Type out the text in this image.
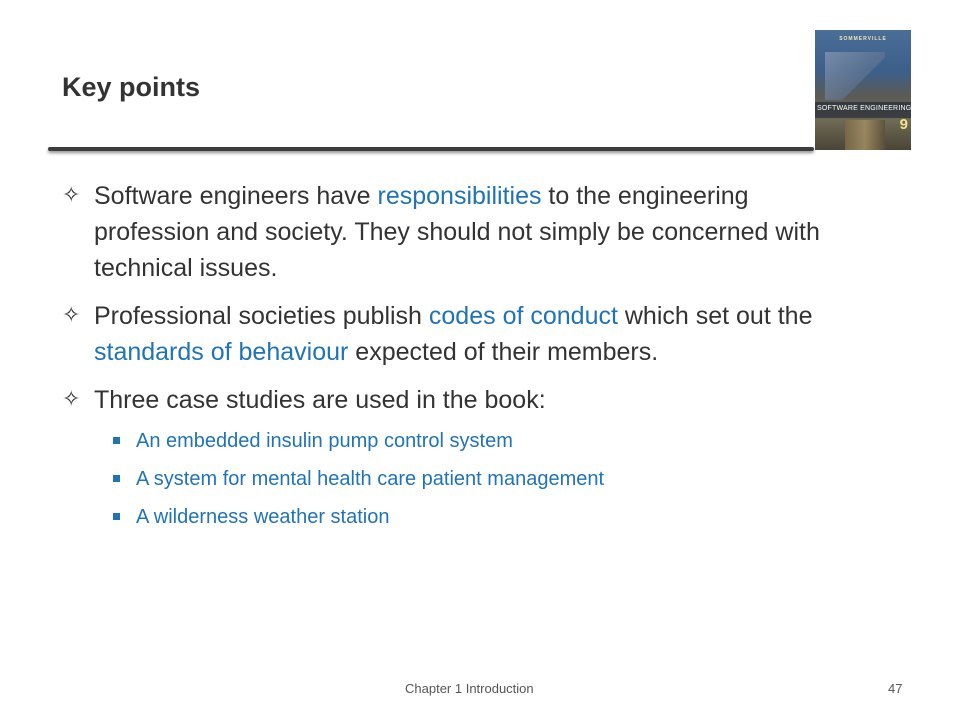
Key points
SOMMERVILLE
SOFTWARE ENGINEERING
9
✧ Software engineers have responsibilities to the engineering profession and society. They should not simply be concerned with technical issues.
✧ Professional societies publish codes of conduct which set out the standards of behaviour expected of their members.
✧ Three case studies are used in the book:
An embedded insulin pump control system
A system for mental health care patient management
A wilderness weather station
Chapter 1 Introduction	47
